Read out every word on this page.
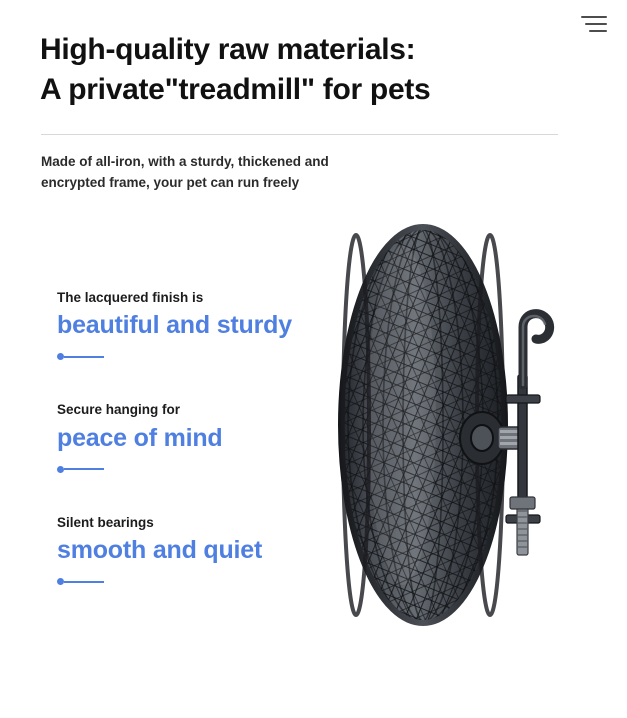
High-quality raw materials:
A private"treadmill" for pets
Made of all-iron, with a sturdy, thickened and
encrypted frame, your pet can run freely
The lacquered finish is
beautiful and sturdy
Secure hanging for
peace of mind
Silent bearings
smooth and quiet
